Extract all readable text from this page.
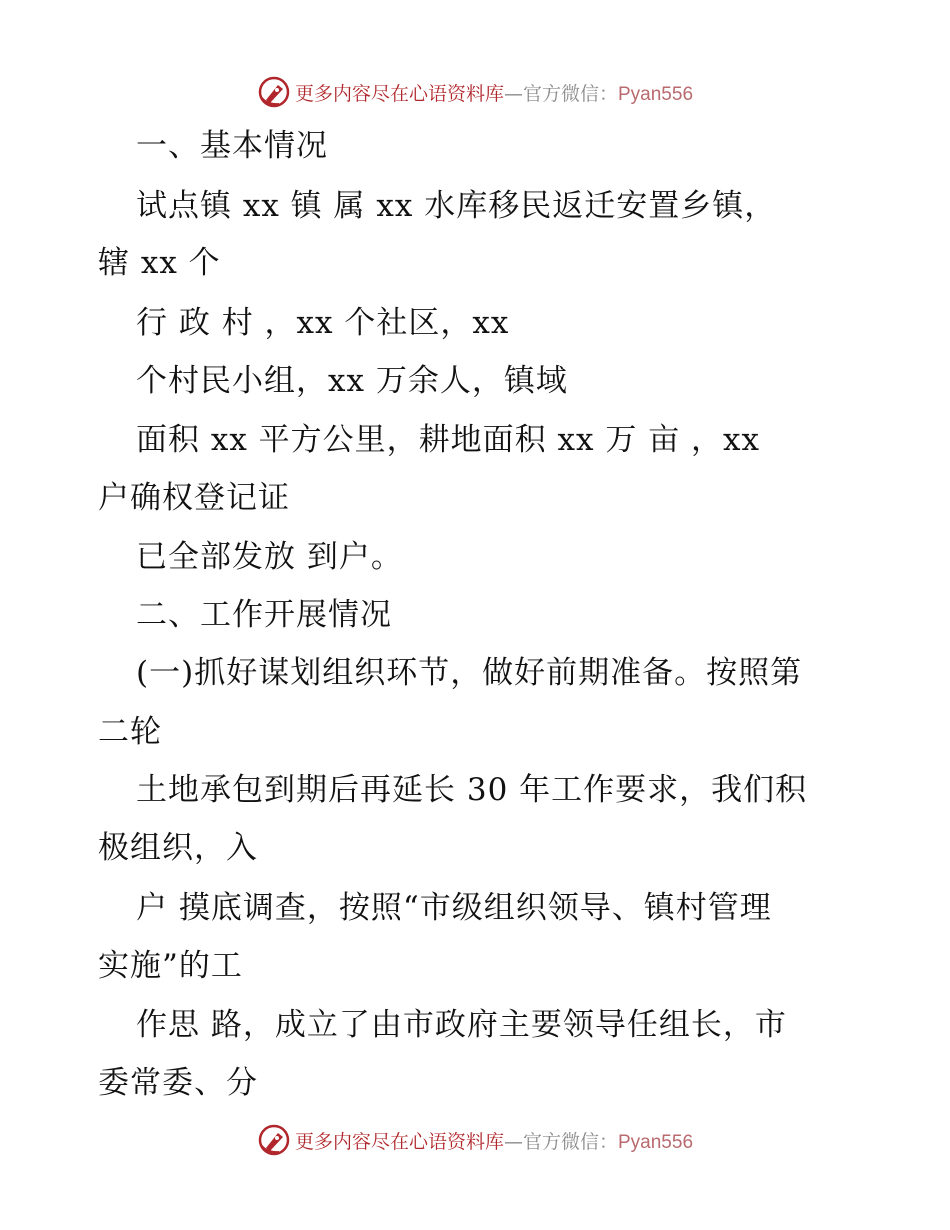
更多内容尽在心语资料库—官方微信：Pyan556
一、基本情况
试点镇 xx 镇 属 xx 水库移民返迁安置乡镇，
辖 xx 个
行 政 村 ，xx 个社区，xx
个村民小组，xx 万余人，镇域
面积 xx 平方公里，耕地面积 xx 万 亩 ，xx
户确权登记证
已全部发放 到户。
二、工作开展情况
(一)抓好谋划组织环节，做好前期准备。按照第
二轮
土地承包到期后再延长 30 年工作要求，我们积
极组织，入
户 摸底调查，按照“市级组织领导、镇村管理
实施”的工
作思 路，成立了由市政府主要领导任组长，市
委常委、分
更多内容尽在心语资料库—官方微信：Pyan556
